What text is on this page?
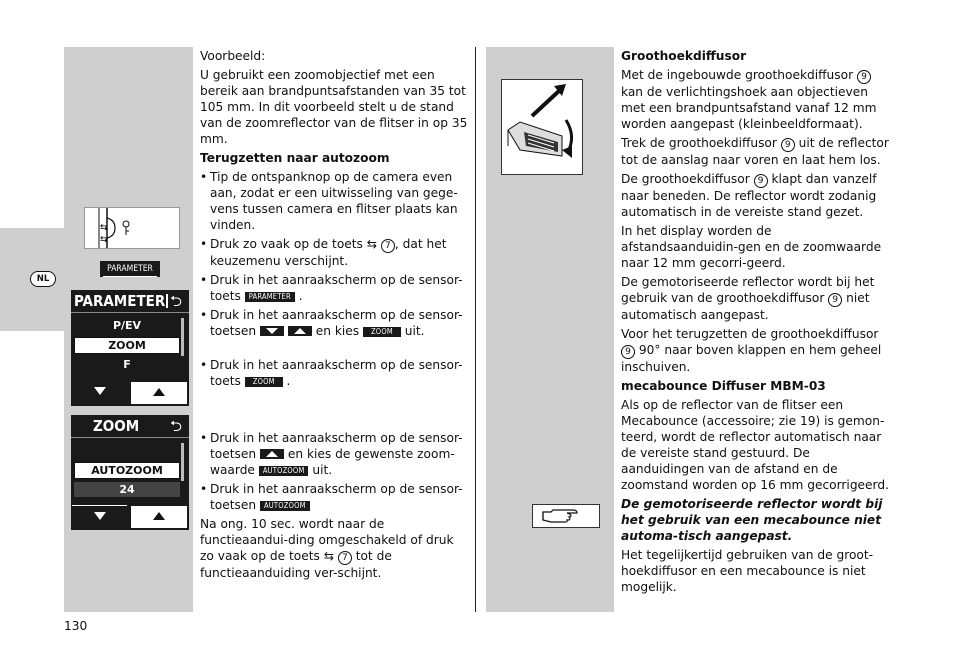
NL
⇆
⇆
PARAMETER
PARAMETER ⮌
P/EV
ZOOM
F
ZOOM ⮌
AUTOZOOM
24

Voorbeeld:

U gebruikt een zoomobjectief met een bereik aan brandpuntsafstanden van 35 tot 105 mm. In dit voorbeeld stelt u de stand van de zoomreflector van de flitser in op 35 mm.

Terugzetten naar autozoom

• Tip de ontspanknop op de camera even aan, zodat er een uitwisseling van gege-vens tussen camera en flitser plaats kan vinden.
• Druk zo vaak op de toets ⇆ 7 , dat het keuzemenu verschijnt.
• Druk in het aanraakscherm op de sensor-toets PARAMETER .
• Druk in het aanraakscherm op de sensor-toetsen
	en kies ZOOM uit.
• Druk in het aanraakscherm op de sensor-toets ZOOM .
• Druk in het aanraakscherm op de sensor-toetsen
en kies de gewenste zoom-waarde AUTOZOOM uit.
• Druk in het aanraakscherm op de sensor-toetsen AUTOZOOM

Na ong. 10 sec. wordt naar de functieaandui-ding omgeschakeld of druk zo vaak op de toets ⇆ 7 tot de functieaanduiding ver-schijnt.

Groothoekdiffusor

Met de ingebouwde groothoekdiffusor 9 kan de verlichtingshoek aan objectieven met een brandpuntsafstand vanaf 12 mm worden aangepast (kleinbeeldformaat).

Trek de groothoekdiffusor 9 uit de reflector tot de aanslag naar voren en laat hem los.

De groothoekdiffusor 9 klapt dan vanzelf naar beneden. De reflector wordt zodanig automatisch in de vereiste stand gezet.

In het display worden de afstandsaanduidin-gen en de zoomwaarde naar 12 mm gecorri-geerd.

De gemotoriseerde reflector wordt bij het gebruik van de groothoekdiffusor 9 niet automatisch aangepast.

Voor het terugzetten de groothoekdiffusor 9 90° naar boven klappen en hem geheel inschuiven.

mecabounce Diffuser MBM-03

Als op de reflector van de flitser een Mecabounce (accessoire; zie 19) is gemon-teerd, wordt de reflector automatisch naar de vereiste stand gestuurd. De aanduidingen van de afstand en de zoomstand worden op 16 mm gecorrigeerd.

De gemotoriseerde reflector wordt bij het gebruik van een mecabounce niet automa-tisch aangepast.

Het tegelijkertijd gebruiken van de groot-hoekdiffusor en een mecabounce is niet mogelijk.

130
